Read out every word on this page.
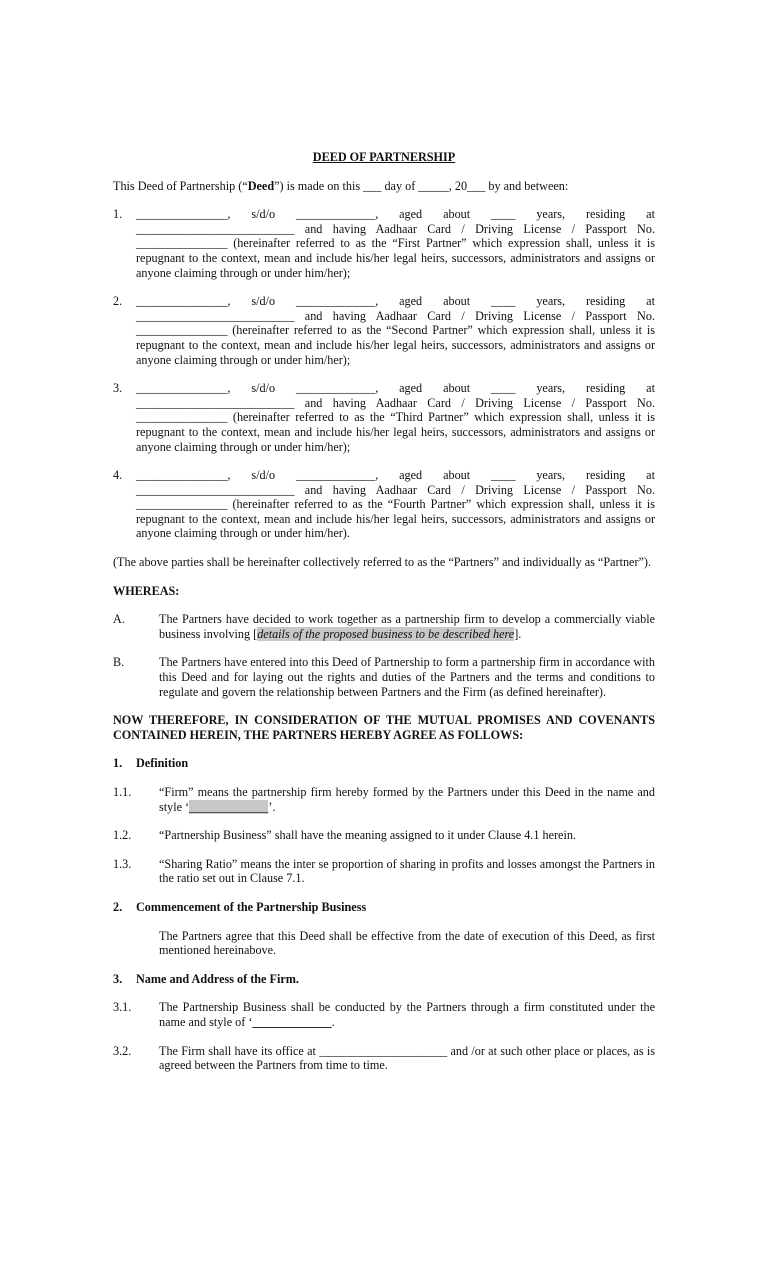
DEED OF PARTNERSHIP
This Deed of Partnership (“Deed”) is made on this ___ day of _____, 20___ by and between:
1.	_______________, s/d/o _____________, aged about ____ years, residing at
__________________________ and having Aadhaar Card / Driving License / Passport No.
_______________ (hereinafter referred to as the “First Partner” which expression shall, unless it is repugnant to the context, mean and include his/her legal heirs, successors, administrators and assigns or anyone claiming through or under him/her);
2.	_______________, s/d/o _____________, aged about ____ years, residing at
__________________________ and having Aadhaar Card / Driving License / Passport No.
_______________ (hereinafter referred to as the “Second Partner” which expression shall, unless it is repugnant to the context, mean and include his/her legal heirs, successors, administrators and assigns or anyone claiming through or under him/her);
3.	_______________, s/d/o _____________, aged about ____ years, residing at
__________________________ and having Aadhaar Card / Driving License / Passport No.
_______________ (hereinafter referred to as the “Third Partner” which expression shall, unless it is repugnant to the context, mean and include his/her legal heirs, successors, administrators and assigns or anyone claiming through or under him/her);
4.	_______________, s/d/o _____________, aged about ____ years, residing at
__________________________ and having Aadhaar Card / Driving License / Passport No.
_______________ (hereinafter referred to as the “Fourth Partner” which expression shall, unless it is repugnant to the context, mean and include his/her legal heirs, successors, administrators and assigns or anyone claiming through or under him/her).
(The above parties shall be hereinafter collectively referred to as the “Partners” and individually as “Partner”).
WHEREAS:
A.	The Partners have decided to work together as a partnership firm to develop a commercially viable business involving [details of the proposed business to be described here].
B.	The Partners have entered into this Deed of Partnership to form a partnership firm in accordance with this Deed and for laying out the rights and duties of the Partners and the terms and conditions to regulate and govern the relationship between Partners and the Firm (as defined hereinafter).
NOW THEREFORE, IN CONSIDERATION OF THE MUTUAL PROMISES AND COVENANTS CONTAINED HEREIN, THE PARTNERS HEREBY AGREE AS FOLLOWS:
1.	Definition
1.1.	“Firm” means the partnership firm hereby formed by the Partners under this Deed in the name and style ‘_____________’.
1.2.	“Partnership Business” shall have the meaning assigned to it under Clause 4.1 herein.
1.3.	“Sharing Ratio” means the inter se proportion of sharing in profits and losses amongst the Partners in the ratio set out in Clause 7.1.
2.	Commencement of the Partnership Business
The Partners agree that this Deed shall be effective from the date of execution of this Deed, as first mentioned hereinabove.
3.	Name and Address of the Firm.
3.1.	The Partnership Business shall be conducted by the Partners through a firm constituted under the name and style of ‘_____________.
3.2.	The Firm shall have its office at _____________________ and /or at such other place or places, as is agreed between the Partners from time to time.
